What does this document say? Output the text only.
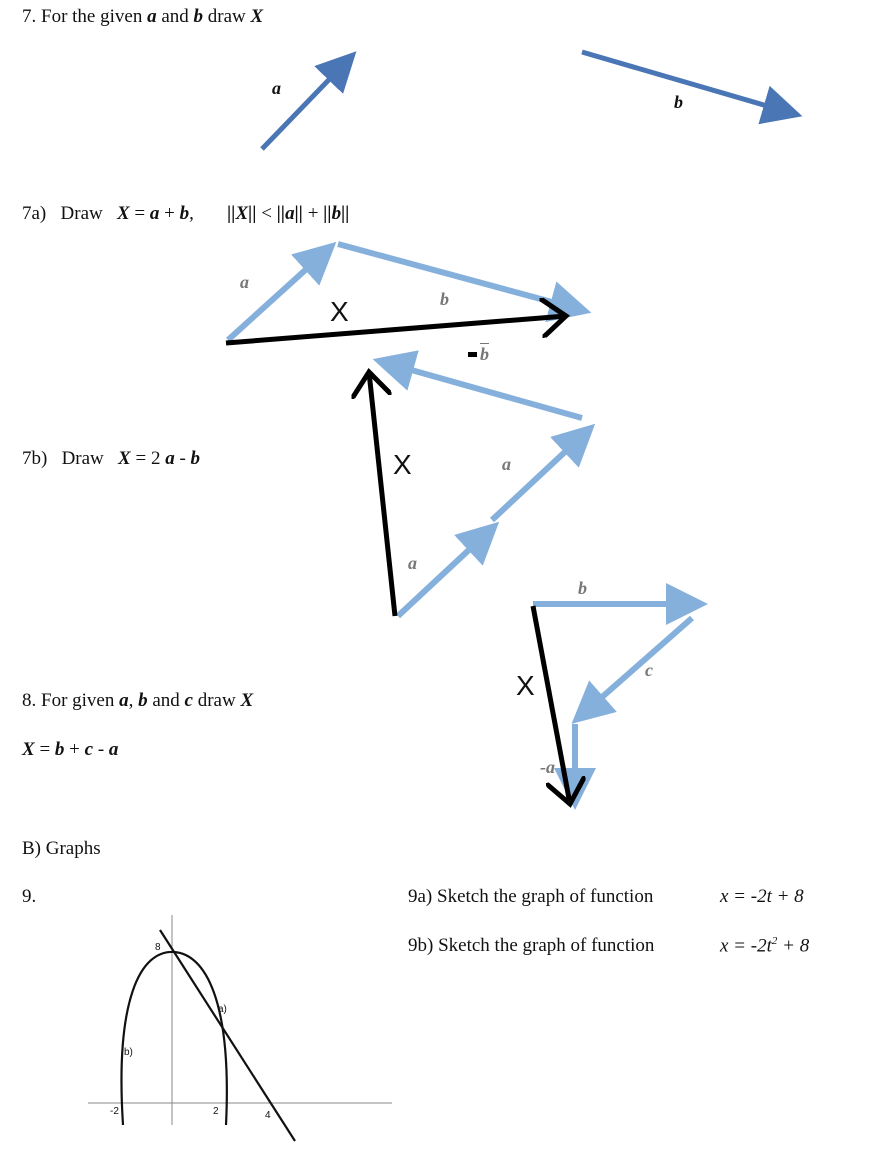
7. For the given a and b draw X
a
b
7a) Draw X = a + b, ||X|| < ||a|| + ||b||
a
b
X
7b) Draw X = 2 a - b
$\overline{b}$
X	a
a
8. For given a, b and c draw X
X = b + c - a
b
c
X
-a
B) Graphs
9.	9a) Sketch the graph of function	x = -2t + 8
9b) Sketch the graph of function	$x = -2t^2 + 8$
8
-2	2	4
a)
b)
